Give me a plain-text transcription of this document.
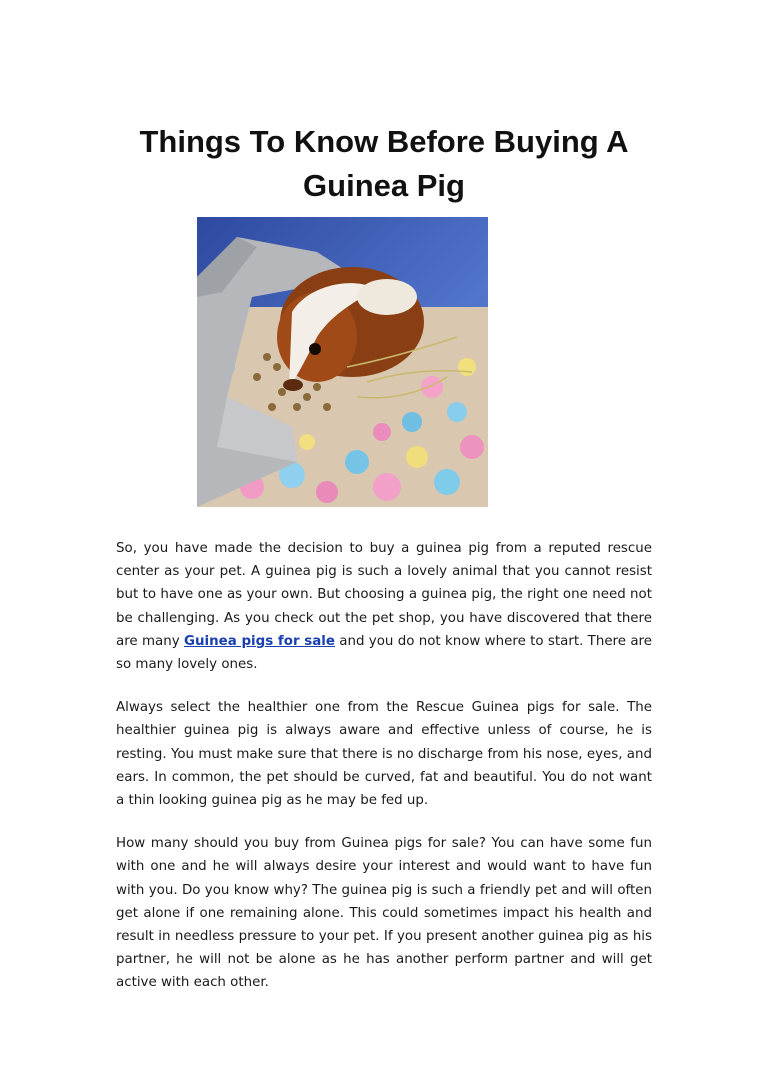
Things To Know Before Buying A
Guinea Pig

So, you have made the decision to buy a guinea pig from a reputed rescue center as your pet. A guinea pig is such a lovely animal that you cannot resist but to have one as your own. But choosing a guinea pig, the right one need not be challenging. As you check out the pet shop, you have discovered that there are many Guinea pigs for sale and you do not know where to start. There are so many lovely ones.

Always select the healthier one from the Rescue Guinea pigs for sale. The healthier guinea pig is always aware and effective unless of course, he is resting. You must make sure that there is no discharge from his nose, eyes, and ears. In common, the pet should be curved, fat and beautiful. You do not want a thin looking guinea pig as he may be fed up.

How many should you buy from Guinea pigs for sale? You can have some fun with one and he will always desire your interest and would want to have fun with you. Do you know why? The guinea pig is such a friendly pet and will often get alone if one remaining alone. This could sometimes impact his health and result in needless pressure to your pet. If you present another guinea pig as his partner, he will not be alone as he has another perform partner and will get active with each other.
